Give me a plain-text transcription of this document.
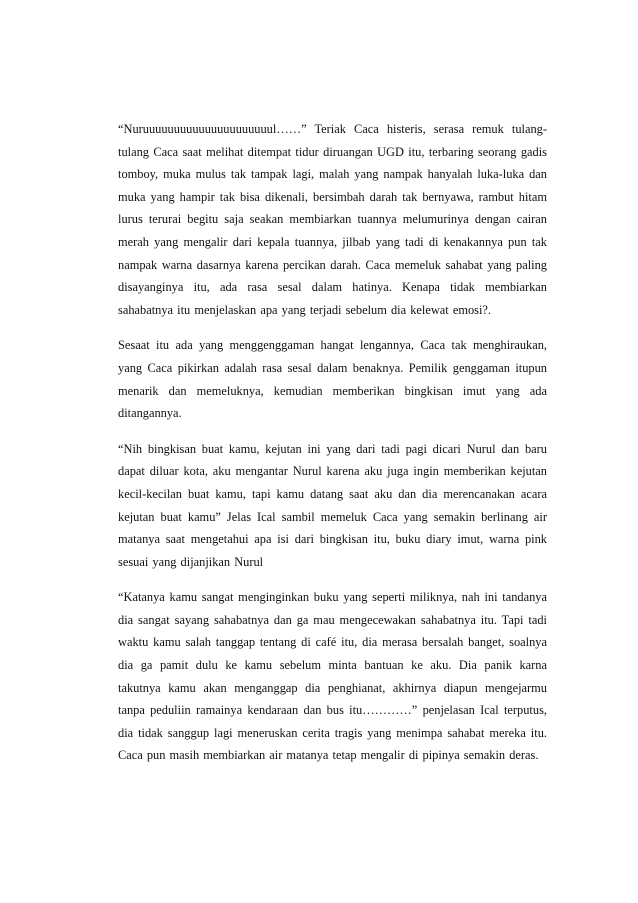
“Nuruuuuuuuuuuuuuuuuuuuuul……” Teriak Caca histeris, serasa remuk tulang-tulang Caca saat melihat ditempat tidur diruangan UGD itu, terbaring seorang gadis tomboy, muka mulus tak tampak lagi, malah yang nampak hanyalah luka-luka dan muka yang hampir tak bisa dikenali, bersimbah darah tak bernyawa, rambut hitam lurus terurai begitu saja seakan membiarkan tuannya melumurinya dengan cairan merah yang mengalir dari kepala tuannya, jilbab yang tadi di kenakannya pun tak nampak warna dasarnya karena percikan darah. Caca memeluk sahabat yang paling disayanginya itu, ada rasa sesal dalam hatinya. Kenapa tidak membiarkan sahabatnya itu menjelaskan apa yang terjadi sebelum dia kelewat emosi?.

Sesaat itu ada yang menggenggaman hangat lengannya, Caca tak menghiraukan, yang Caca pikirkan adalah rasa sesal dalam benaknya. Pemilik genggaman itupun menarik dan memeluknya, kemudian memberikan bingkisan imut yang ada ditangannya.

“Nih bingkisan buat kamu, kejutan ini yang dari tadi pagi dicari Nurul dan baru dapat diluar kota, aku mengantar Nurul karena aku juga ingin memberikan kejutan kecil-kecilan buat kamu, tapi kamu datang saat aku dan dia merencanakan acara kejutan buat kamu” Jelas Ical sambil memeluk Caca yang semakin berlinang air matanya saat mengetahui apa isi dari bingkisan itu, buku diary imut, warna pink sesuai yang dijanjikan Nurul

“Katanya kamu sangat menginginkan buku yang seperti miliknya, nah ini tandanya dia sangat sayang sahabatnya dan ga mau mengecewakan sahabatnya itu. Tapi tadi waktu kamu salah tanggap tentang di café itu, dia merasa bersalah banget, soalnya dia ga pamit dulu ke kamu sebelum minta bantuan ke aku. Dia panik karna takutnya kamu akan menganggap dia penghianat, akhirnya diapun mengejarmu tanpa peduliin ramainya kendaraan dan bus itu…………” penjelasan Ical terputus, dia tidak sanggup lagi meneruskan cerita tragis yang menimpa sahabat mereka itu. Caca pun masih membiarkan air matanya tetap mengalir di pipinya semakin deras.
